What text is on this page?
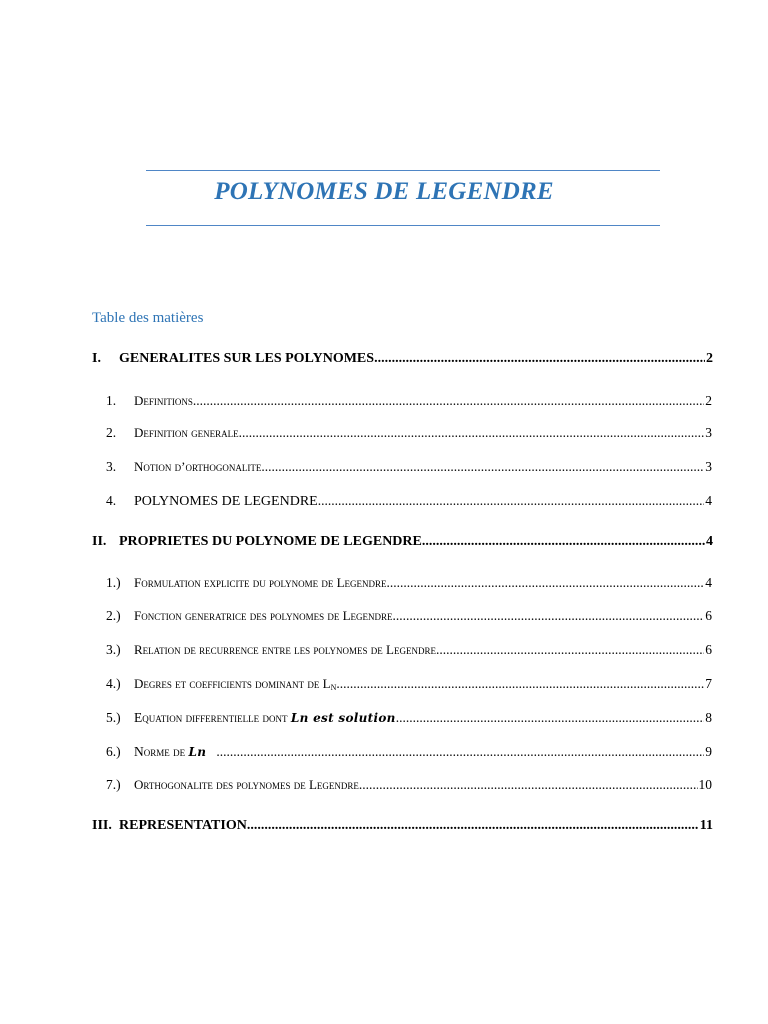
POLYNOMES DE LEGENDRE
Table des matières
I.	GENERALITES SUR LES POLYNOMES .....	2
1.	Definitions .....	2
2.	Definition generale .....	3
3.	Notion d’orthogonalite .....	3
4.	POLYNOMES DE LEGENDRE .....	4
II. PROPRIETES DU POLYNOME DE LEGENDRE .....	4
1.)	Formulation explicite du polynome de Legendre .....	4
2.)	Fonction generatrice des polynomes de Legendre .....	6
3.)	Relation de recurrence entre les polynomes de Legendre .....	6
4.)	Degres et coefficients dominant de $L_N$ .....	7
5.) Equation differentielle dont Ln est solution .....	8
6.) Norme de Ln .....	9
7.)	Orthogonalite des polynomes de Legendre .....	10
III. REPRESENTATION .....	11
